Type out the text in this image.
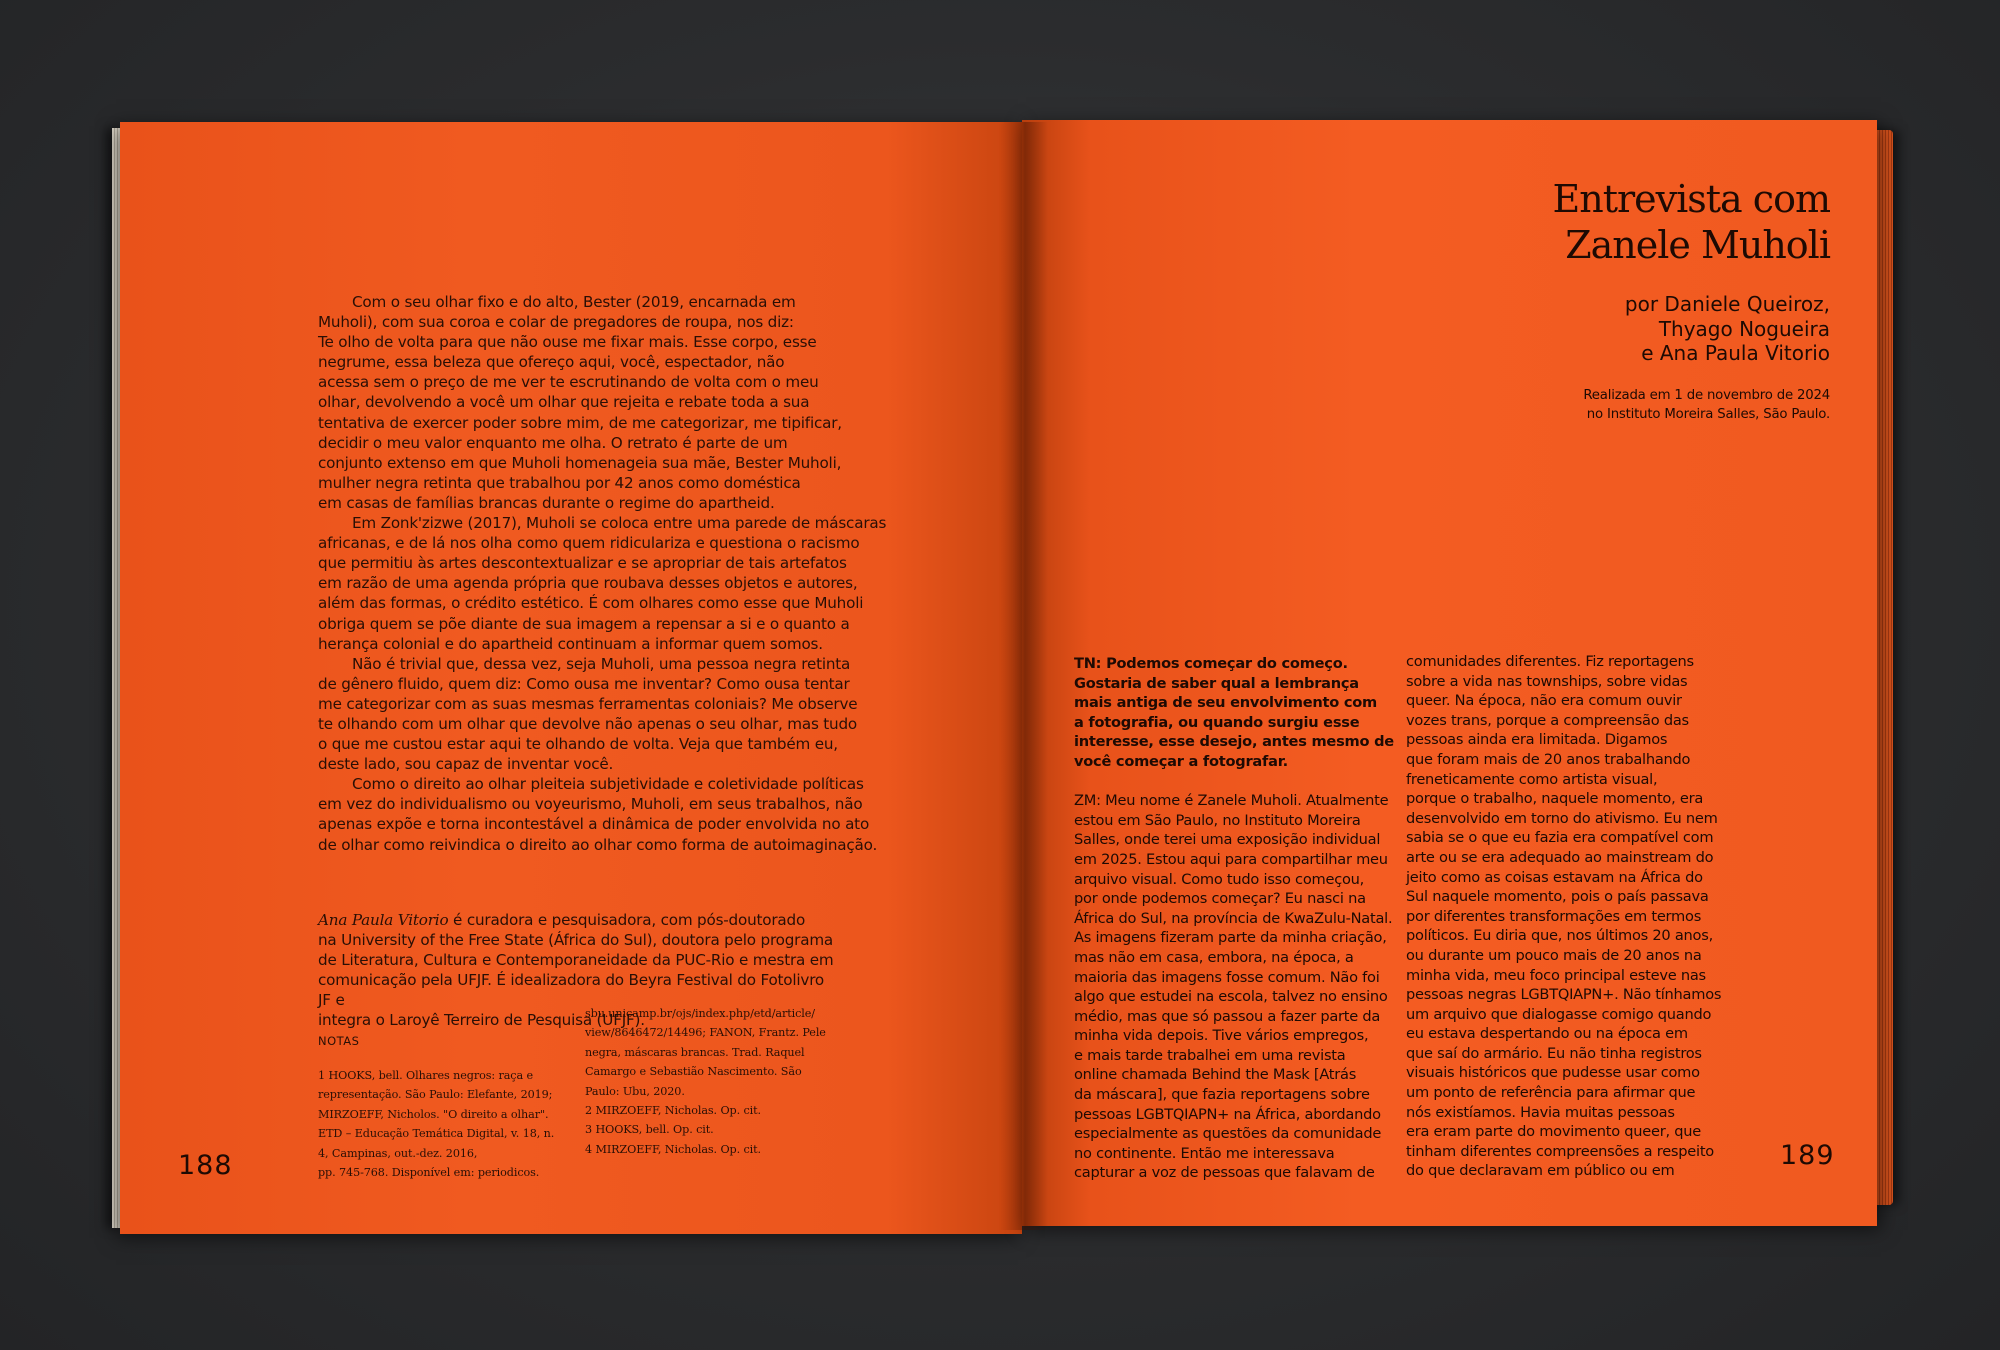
Com o seu olhar fixo e do alto, Bester (2019, encarnada em
Muholi), com sua coroa e colar de pregadores de roupa, nos diz:
Te olho de volta para que não ouse me fixar mais. Esse corpo, esse
negrume, essa beleza que ofereço aqui, você, espectador, não
acessa sem o preço de me ver te escrutinando de volta com o meu
olhar, devolvendo a você um olhar que rejeita e rebate toda a sua
tentativa de exercer poder sobre mim, de me categorizar, me tipificar,
decidir o meu valor enquanto me olha. O retrato é parte de um
conjunto extenso em que Muholi homenageia sua mãe, Bester Muholi,
mulher negra retinta que trabalhou por 42 anos como doméstica
em casas de famílias brancas durante o regime do apartheid.
Em Zonk'zizwe (2017), Muholi se coloca entre uma parede de máscaras
africanas, e de lá nos olha como quem ridiculariza e questiona o racismo
que permitiu às artes descontextualizar e se apropriar de tais artefatos
em razão de uma agenda própria que roubava desses objetos e autores,
além das formas, o crédito estético. É com olhares como esse que Muholi
obriga quem se põe diante de sua imagem a repensar a si e o quanto a
herança colonial e do apartheid continuam a informar quem somos.
Não é trivial que, dessa vez, seja Muholi, uma pessoa negra retinta
de gênero fluido, quem diz: Como ousa me inventar? Como ousa tentar
me categorizar com as suas mesmas ferramentas coloniais? Me observe
te olhando com um olhar que devolve não apenas o seu olhar, mas tudo
o que me custou estar aqui te olhando de volta. Veja que também eu,
deste lado, sou capaz de inventar você.
Como o direito ao olhar pleiteia subjetividade e coletividade políticas
em vez do individualismo ou voyeurismo, Muholi, em seus trabalhos, não
apenas expõe e torna incontestável a dinâmica de poder envolvida no ato
de olhar como reivindica o direito ao olhar como forma de autoimaginação.
Ana Paula Vitorio é curadora e pesquisadora, com pós-doutorado
na University of the Free State (África do Sul), doutora pelo programa
de Literatura, Cultura e Contemporaneidade da PUC-Rio e mestra em
comunicação pela UFJF. É idealizadora do Beyra Festival do Fotolivro JF e
integra o Laroyê Terreiro de Pesquisa (UFJF).
NOTAS
1 HOOKS, bell. Olhares negros: raça e
representação. São Paulo: Elefante, 2019;
MIRZOEFF, Nicholos. "O direito a olhar".
ETD – Educação Temática Digital, v. 18, n.
4, Campinas, out.-dez. 2016,
pp. 745-768. Disponível em: periodicos.
sbu.unicamp.br/ojs/index.php/etd/article/
view/8646472/14496; FANON, Frantz. Pele
negra, máscaras brancas. Trad. Raquel
Camargo e Sebastião Nascimento. São
Paulo: Ubu, 2020.
2 MIRZOEFF, Nicholas. Op. cit.
3 HOOKS, bell. Op. cit.
4 MIRZOEFF, Nicholas. Op. cit.
188
Entrevista com
Zanele Muholi
por Daniele Queiroz,
Thyago Nogueira
e Ana Paula Vitorio
Realizada em 1 de novembro de 2024
no Instituto Moreira Salles, São Paulo.
TN: Podemos começar do começo.
Gostaria de saber qual a lembrança
mais antiga de seu envolvimento com
a fotografia, ou quando surgiu esse
interesse, esse desejo, antes mesmo de
você começar a fotografar.
ZM: Meu nome é Zanele Muholi. Atualmente
estou em São Paulo, no Instituto Moreira
Salles, onde terei uma exposição individual
em 2025. Estou aqui para compartilhar meu
arquivo visual. Como tudo isso começou,
por onde podemos começar? Eu nasci na
África do Sul, na província de KwaZulu-Natal.
As imagens fizeram parte da minha criação,
mas não em casa, embora, na época, a
maioria das imagens fosse comum. Não foi
algo que estudei na escola, talvez no ensino
médio, mas que só passou a fazer parte da
minha vida depois. Tive vários empregos,
e mais tarde trabalhei em uma revista
online chamada Behind the Mask [Atrás
da máscara], que fazia reportagens sobre
pessoas LGBTQIAPN+ na África, abordando
especialmente as questões da comunidade
no continente. Então me interessava
capturar a voz de pessoas que falavam de
comunidades diferentes. Fiz reportagens
sobre a vida nas townships, sobre vidas
queer. Na época, não era comum ouvir
vozes trans, porque a compreensão das
pessoas ainda era limitada. Digamos
que foram mais de 20 anos trabalhando
freneticamente como artista visual,
porque o trabalho, naquele momento, era
desenvolvido em torno do ativismo. Eu nem
sabia se o que eu fazia era compatível com
arte ou se era adequado ao mainstream do
jeito como as coisas estavam na África do
Sul naquele momento, pois o país passava
por diferentes transformações em termos
políticos. Eu diria que, nos últimos 20 anos,
ou durante um pouco mais de 20 anos na
minha vida, meu foco principal esteve nas
pessoas negras LGBTQIAPN+. Não tínhamos
um arquivo que dialogasse comigo quando
eu estava despertando ou na época em
que saí do armário. Eu não tinha registros
visuais históricos que pudesse usar como
um ponto de referência para afirmar que
nós existíamos. Havia muitas pessoas
era eram parte do movimento queer, que
tinham diferentes compreensões a respeito
do que declaravam em público ou em	189
